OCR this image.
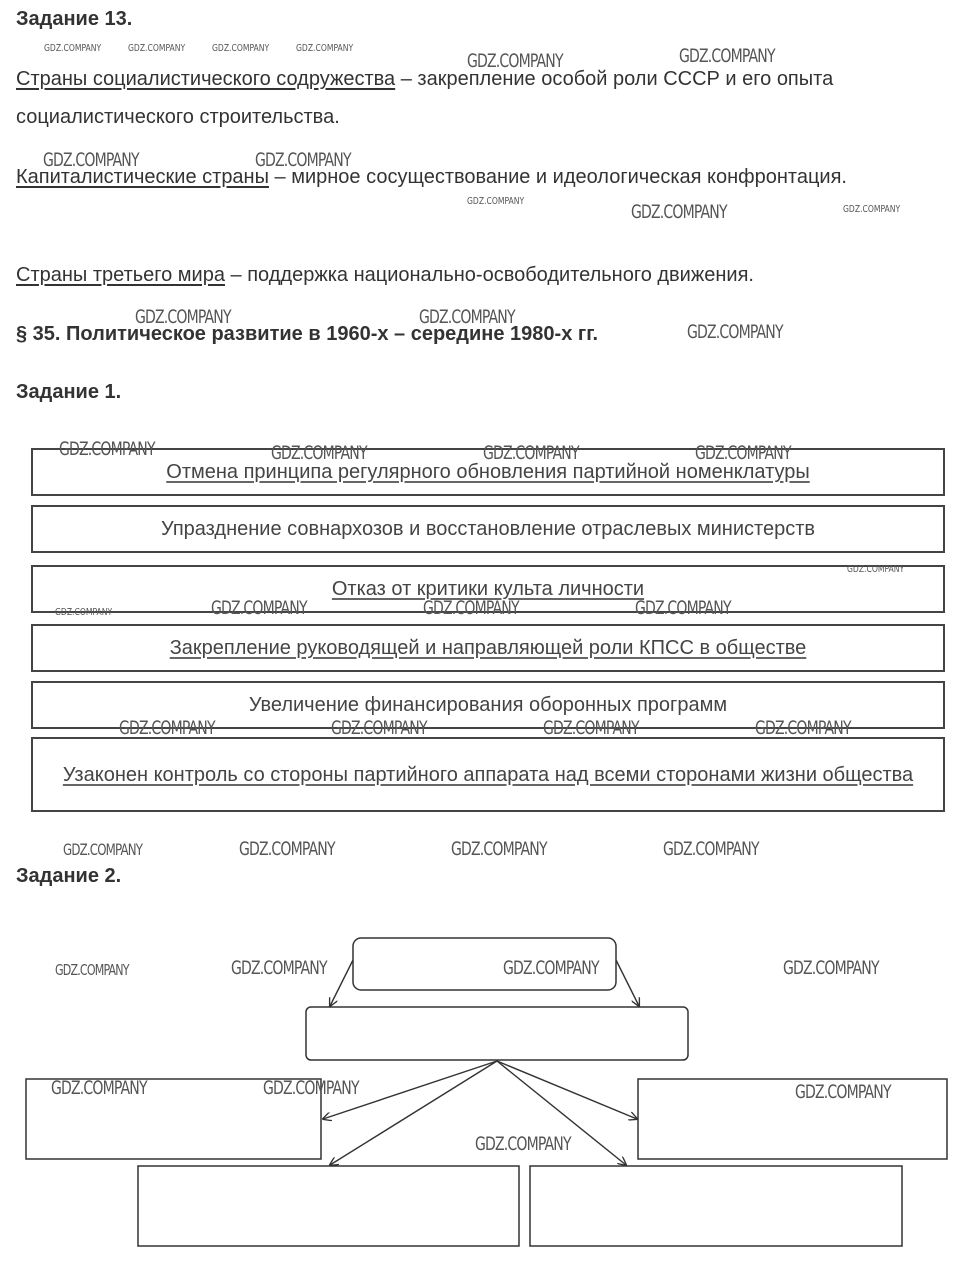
Задание 13.

Страны социалистического содружества – закрепление особой роли СССР и его опыта социалистического строительства.

Капиталистические страны – мирное сосуществование и идеологическая конфронтация.

Страны третьего мира – поддержка национально-освободительного движения.

§ 35. Политическое развитие в 1960-х – середине 1980-х гг.
Задание 1.
Отмена принципа регулярного обновления партийной номенклатуры
Упразднение совнархозов и восстановление отраслевых министерств
Отказ от критики культа личности
Закрепление руководящей и направляющей роли КПСС в обществе
Увеличение финансирования оборонных программ
Узаконен контроль со стороны партийного аппарата над всеми сторонами жизни общества
Задание 2.
GDZ.COMPANY	GDZ.COMPANY	GDZ.COMPANY	GDZ.COMPANY
GDZ.COMPANY	GDZ.COMPANY
GDZ.COMPANY	GDZ.COMPANY
GDZ.COMPANY	GDZ.COMPANY	GDZ.COMPANY
GDZ.COMPANY	GDZ.COMPANY
GDZ.COMPANY
GDZ.COMPANY	GDZ.COMPANY	GDZ.COMPANY	GDZ.COMPANY
GDZ.COMPANY
GDZ.COMPANY	GDZ.COMPANY	GDZ.COMPANY	GDZ.COMPANY
GDZ.COMPANY	GDZ.COMPANY	GDZ.COMPANY	GDZ.COMPANY
GDZ.COMPANY	GDZ.COMPANY	GDZ.COMPANY	GDZ.COMPANY
GDZ.COMPANY	GDZ.COMPANY	GDZ.COMPANY	GDZ.COMPANY
GDZ.COMPANY	GDZ.COMPANY	GDZ.COMPANY
GDZ.COMPANY
